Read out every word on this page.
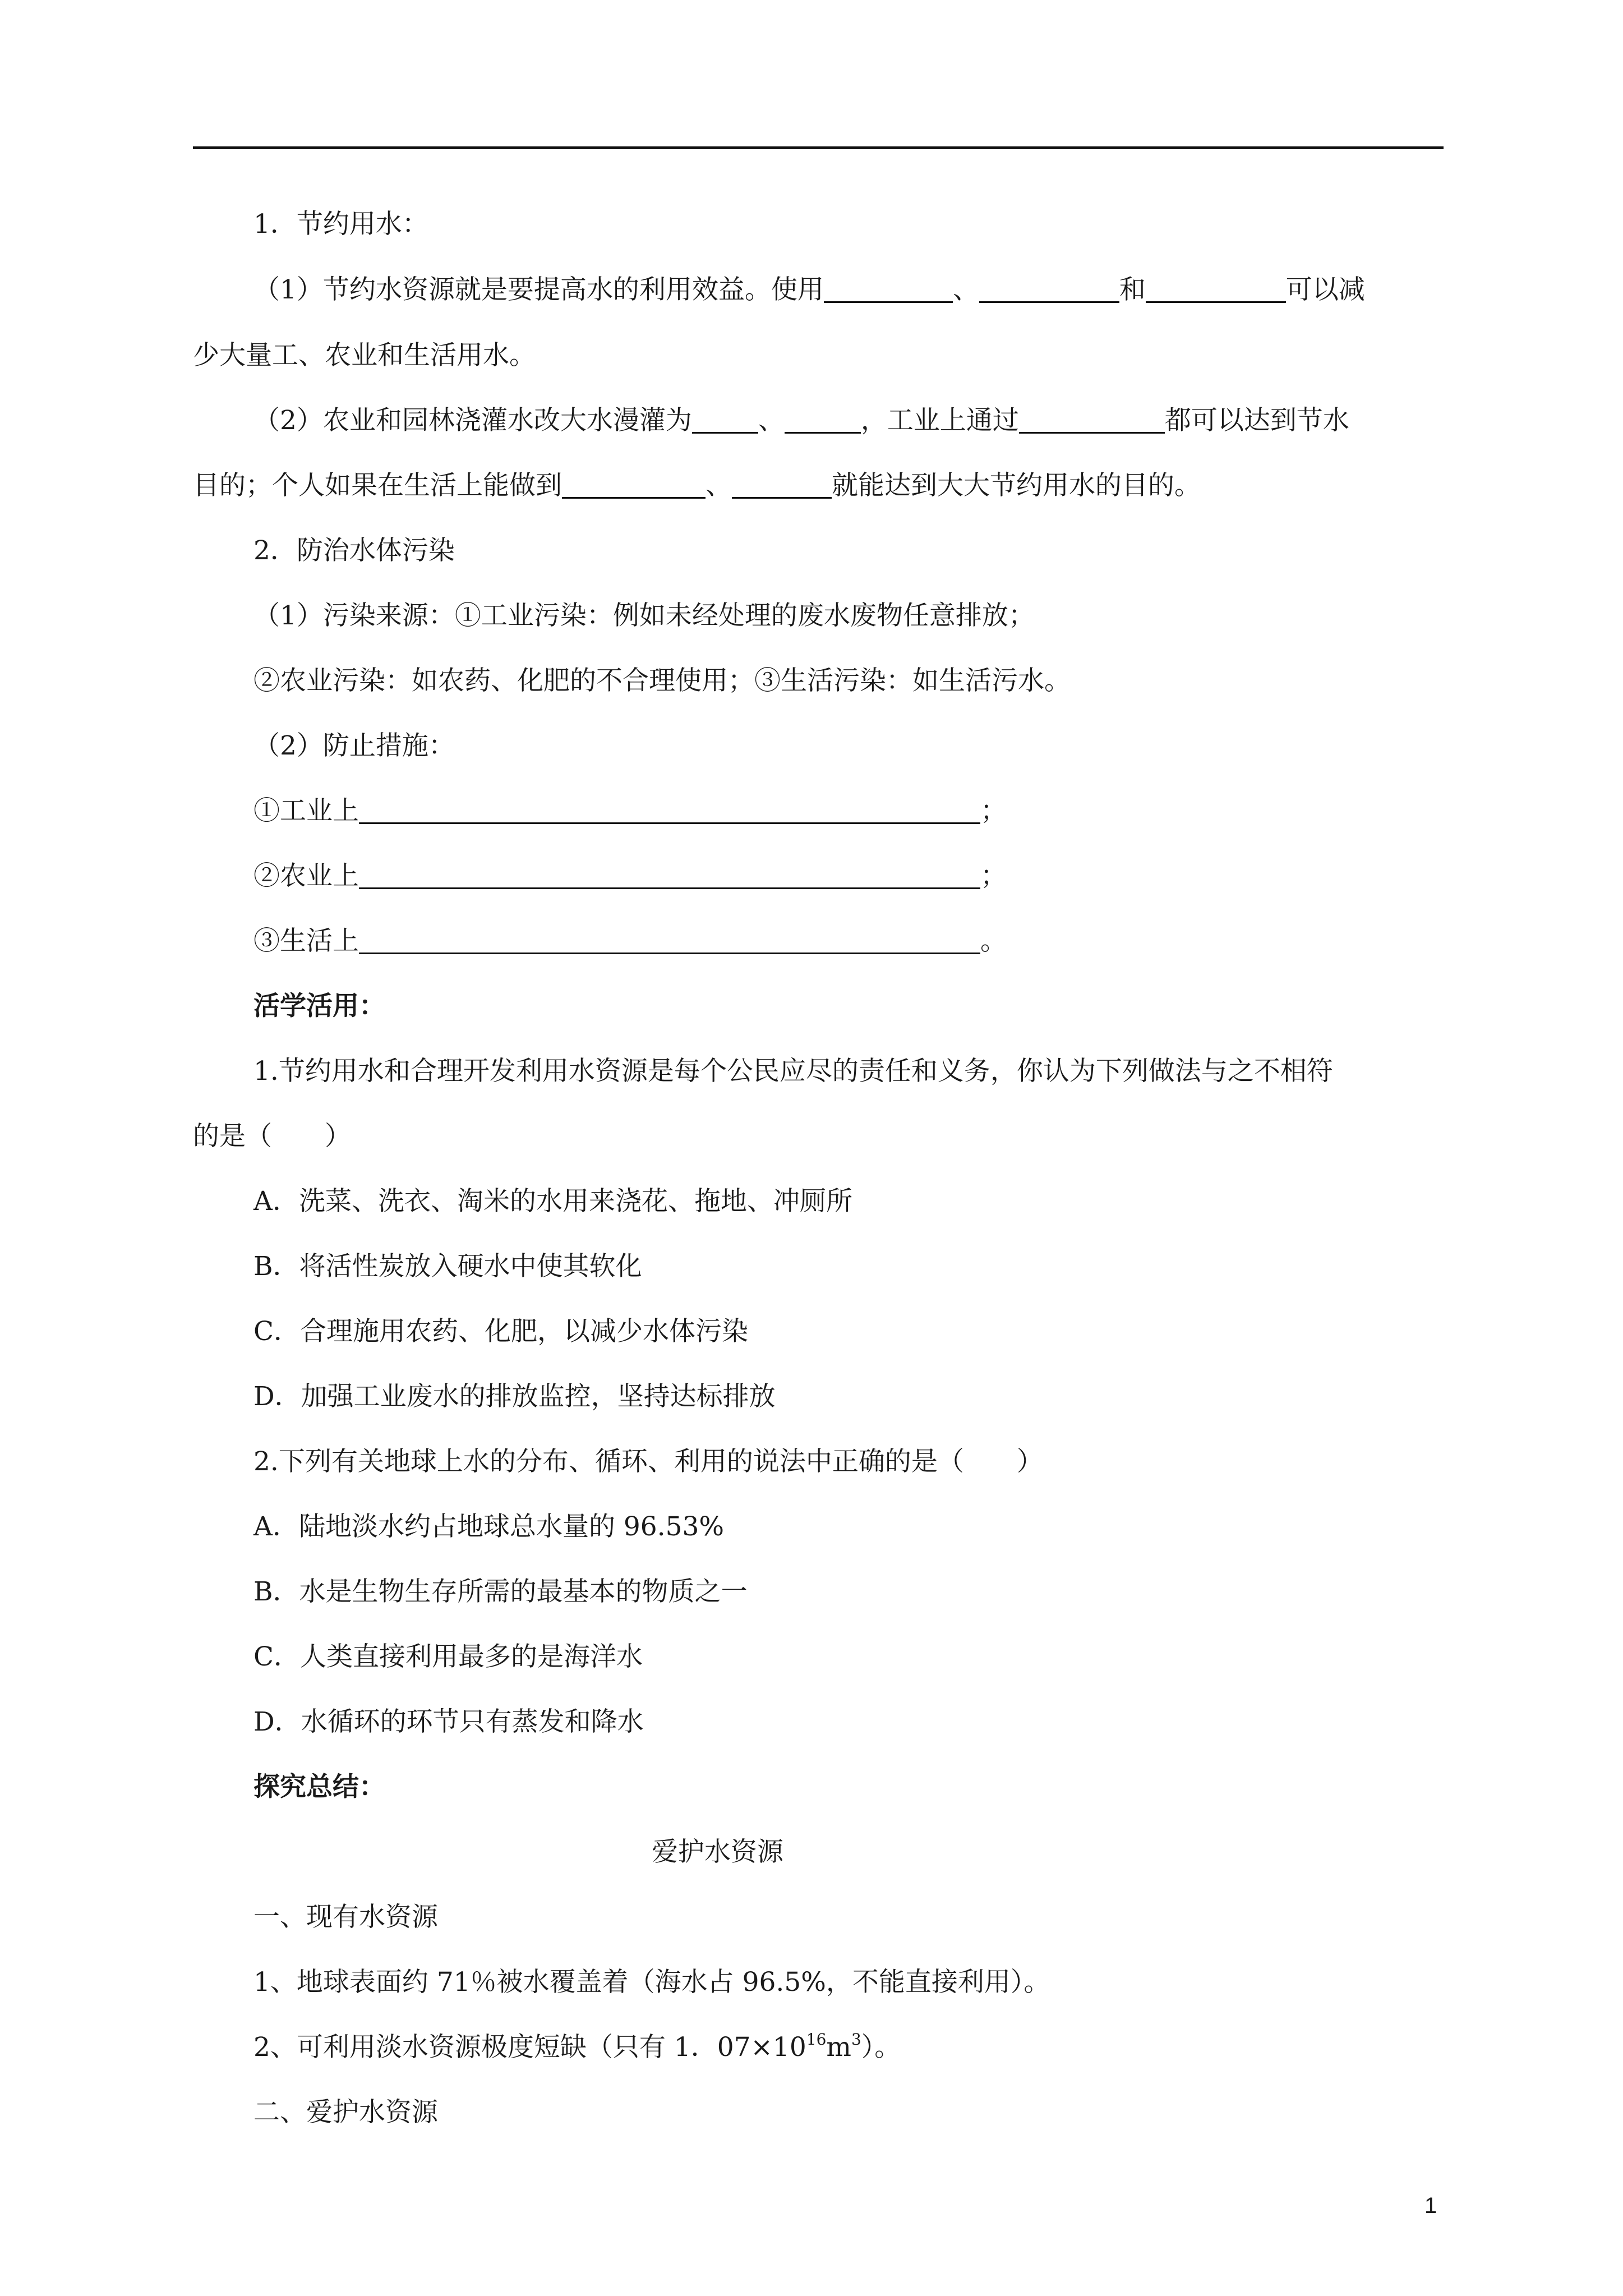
1．节约用水：
（1）节约水资源就是要提高水的利用效益。使用	、	和	可以减
少大量工、农业和生活用水。
（2）农业和园林浇灌水改大水漫灌为	、	，工业上通过	都可以达到节水
目的；个人如果在生活上能做到	、	就能达到大大节约用水的目的。
2．防治水体污染
（1）污染来源：①工业污染：例如未经处理的废水废物任意排放；
②农业污染：如农药、化肥的不合理使用；③生活污染：如生活污水。
（2）防止措施：
①工业上	；
②农业上	；
③生活上	。
活学活用：
1.节约用水和合理开发利用水资源是每个公民应尽的责任和义务，你认为下列做法与之不相符
的是（　　）
A．洗菜、洗衣、淘米的水用来浇花、拖地、冲厕所
B．将活性炭放入硬水中使其软化
C．合理施用农药、化肥，以减少水体污染
D．加强工业废水的排放监控，坚持达标排放
2.下列有关地球上水的分布、循环、利用的说法中正确的是（　　）
A．陆地淡水约占地球总水量的 96.53%
B．水是生物生存所需的最基本的物质之一
C．人类直接利用最多的是海洋水
D．水循环的环节只有蒸发和降水
探究总结：
爱护水资源
一、现有水资源
1、地球表面约 71％被水覆盖着（海水占 96.5%，不能直接利用）。
2、可利用淡水资源极度短缺（只有 1．$07\times 10^{16}m^3$）。
二、爱护水资源
1
